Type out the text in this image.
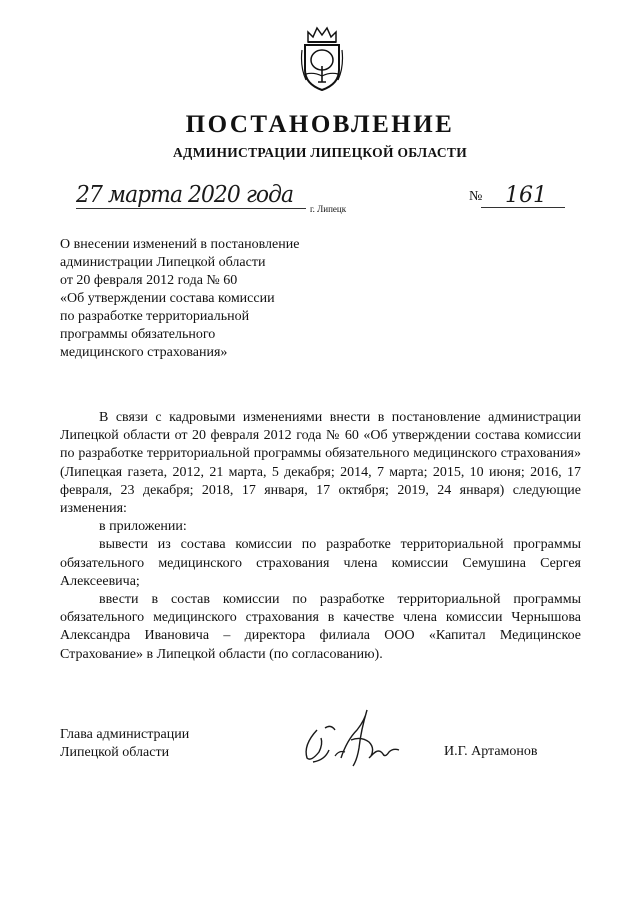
ПОСТАНОВЛЕНИЕ
АДМИНИСТРАЦИИ ЛИПЕЦКОЙ ОБЛАСТИ
27 марта 2020 года
г. Липецк
№ 161
О внесении изменений в постановление
администрации Липецкой области
от 20 февраля 2012 года № 60
«Об утверждении состава комиссии
по разработке территориальной
программы обязательного
медицинского страхования»

В связи с кадровыми изменениями внести в постановление администрации Липецкой области от 20 февраля 2012 года № 60 «Об утверждении состава комиссии по разработке территориальной программы обязательного медицинского страхования» (Липецкая газета, 2012, 21 марта, 5 декабря; 2014, 7 марта; 2015, 10 июня; 2016, 17 февраля, 23 декабря; 2018, 17 января, 17 октября; 2019, 24 января) следующие изменения:

в приложении:

вывести из состава комиссии по разработке территориальной программы обязательного медицинского страхования члена комиссии Семушина Сергея Алексеевича;

ввести в состав комиссии по разработке территориальной программы обязательного медицинского страхования в качестве члена комиссии Чернышова Александра Ивановича – директора филиала ООО «Капитал Медицинское Страхование» в Липецкой области (по согласованию).

Глава администрации
Липецкой области	И.Г. Артамонов
